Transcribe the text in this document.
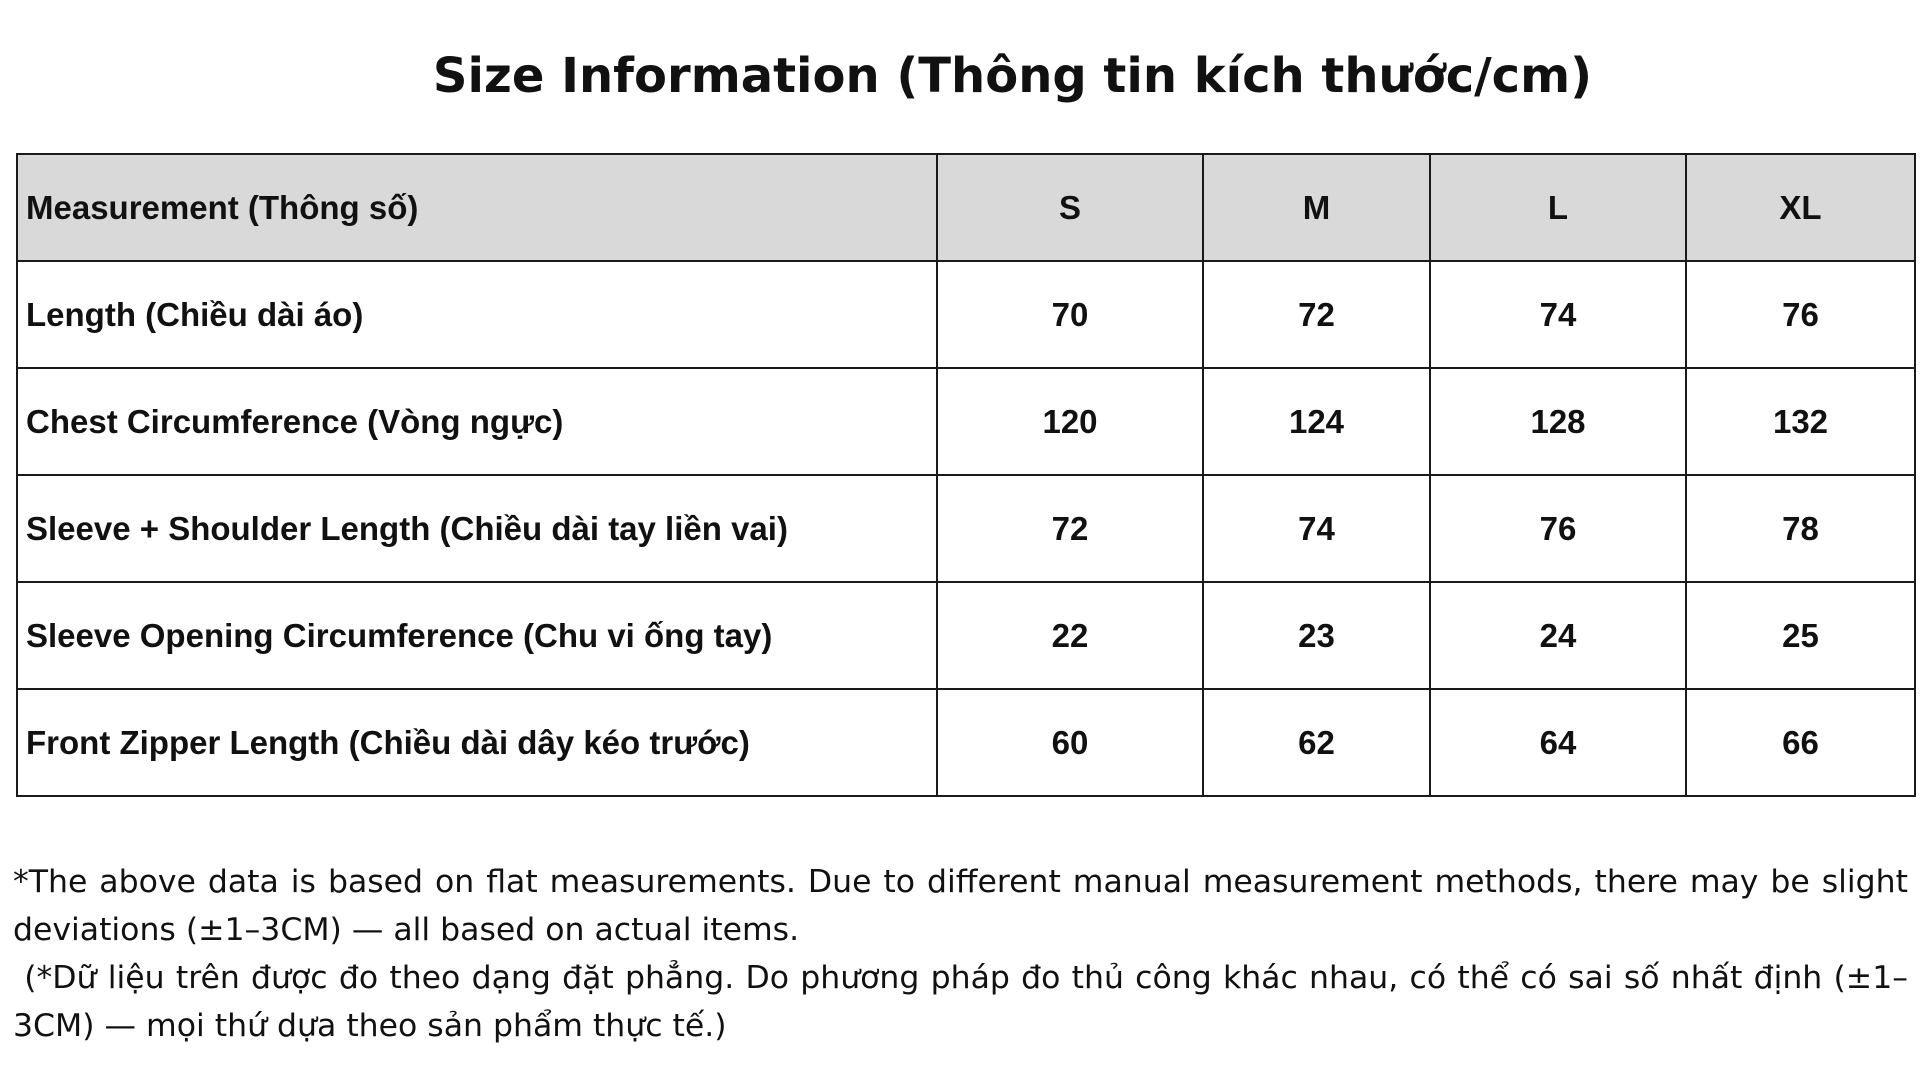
Size Information (Thông tin kích thước/cm)
Measurement (Thông số)	S	M	L	XL
Length (Chiều dài áo)	70	72	74	76
Chest Circumference (Vòng ngực)	120	124	128	132
Sleeve + Shoulder Length (Chiều dài tay liền vai)	72	74	76	78
Sleeve Opening Circumference (Chu vi ống tay)	22	23	24	25
Front Zipper Length (Chiều dài dây kéo trước)	60	62	64	66

*The above data is based on flat measurements. Due to different manual measurement methods, there may be slight deviations (±1–3CM) — all based on actual items.

(*Dữ liệu trên được đo theo dạng đặt phẳng. Do phương pháp đo thủ công khác nhau, có thể có sai số nhất định (±1–3CM) — mọi thứ dựa theo sản phẩm thực tế.)
